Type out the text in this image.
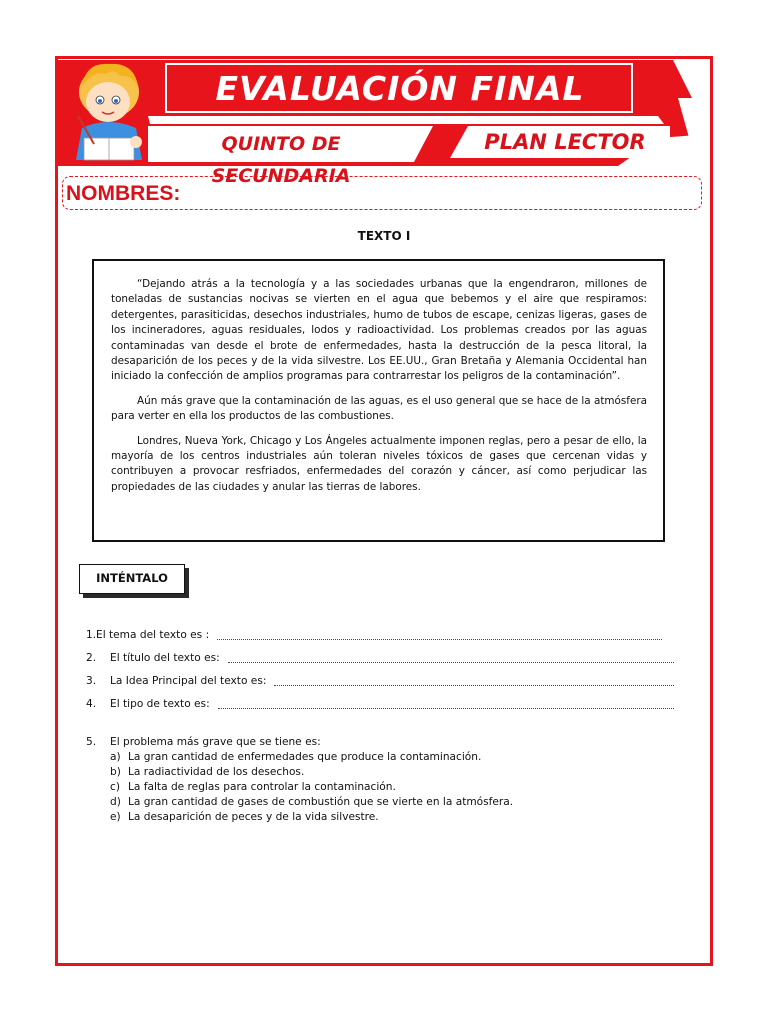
EVALUACIÓN FINAL
QUINTO DE SECUNDARIA
PLAN LECTOR
NOMBRES:
TEXTO I

“Dejando atrás a la tecnología y a las sociedades urbanas que la engendraron, millones de toneladas de sustancias nocivas se vierten en el agua que bebemos y el aire que respiramos: detergentes, parasiticidas, desechos industriales, humo de tubos de escape, cenizas ligeras, gases de los incineradores, aguas residuales, lodos y radioactividad. Los problemas creados por las aguas contaminadas van desde el brote de enfermedades, hasta la destrucción de la pesca litoral, la desaparición de los peces y de la vida silvestre. Los EE.UU., Gran Bretaña y Alemania Occidental han iniciado la confección de amplios programas para contrarrestar los peligros de la contaminación”.

Aún más grave que la contaminación de las aguas, es el uso general que se hace de la atmósfera para verter en ella los productos de las combustiones.

Londres, Nueva York, Chicago y Los Ángeles actualmente imponen reglas, pero a pesar de ello, la mayoría de los centros industriales aún toleran niveles tóxicos de gases que cercenan vidas y contribuyen a provocar resfriados, enfermedades del corazón y cáncer, así como perjudicar las propiedades de las ciudades y anular las tierras de labores.

INTÉNTALO
1. El tema del texto es :
2.	El título del texto es:
3.	La Idea Principal del texto es:
4.	El tipo de texto es:
5.	El problema más grave que se tiene es:
a) La gran cantidad de enfermedades que produce la contaminación.
b) La radiactividad de los desechos.
c) La falta de reglas para controlar la contaminación.
d) La gran cantidad de gases de combustión que se vierte en la atmósfera.
e) La desaparición de peces y de la vida silvestre.
